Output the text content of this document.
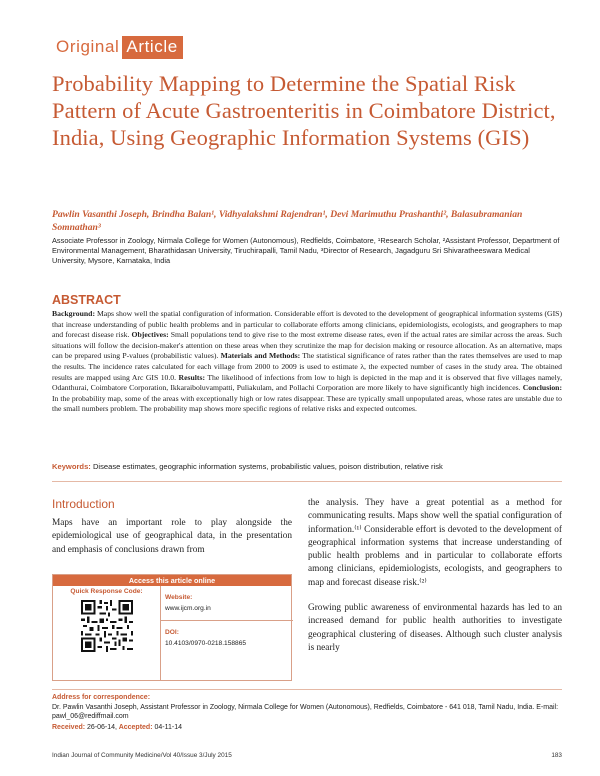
Original Article
Probability Mapping to Determine the Spatial Risk Pattern of Acute Gastroenteritis in Coimbatore District, India, Using Geographic Information Systems (GIS)
Pawlin Vasanthi Joseph, Brindha Balan¹, Vidhyalakshmi Rajendran¹, Devi Marimuthu Prashanthi², Balasubramanian Somnathan³
Associate Professor in Zoology, Nirmala College for Women (Autonomous), Redfields, Coimbatore, ¹Research Scholar, ²Assistant Professor, Department of Environmental Management, Bharathidasan University, Tiruchirapalli, Tamil Nadu, ³Director of Research, Jagadguru Sri Shivaratheeswara Medical University, Mysore, Karnataka, India
ABSTRACT
Background: Maps show well the spatial configuration of information. Considerable effort is devoted to the development of geographical information systems (GIS) that increase understanding of public health problems and in particular to collaborate efforts among clinicians, epidemiologists, ecologists, and geographers to map and forecast disease risk. Objectives: Small populations tend to give rise to the most extreme disease rates, even if the actual rates are similar across the areas. Such situations will follow the decision-maker's attention on these areas when they scrutinize the map for decision making or resource allocation. As an alternative, maps can be prepared using P-values (probabilistic values). Materials and Methods: The statistical significance of rates rather than the rates themselves are used to map the results. The incidence rates calculated for each village from 2000 to 2009 is used to estimate λ, the expected number of cases in the study area. The obtained results are mapped using Arc GIS 10.0. Results: The likelihood of infections from low to high is depicted in the map and it is observed that five villages namely, Odanthurai, Coimbatore Corporation, Ikkaraiboluvampatti, Puliakulam, and Pollachi Corporation are more likely to have significantly high incidences. Conclusion: In the probability map, some of the areas with exceptionally high or low rates disappear. These are typically small unpopulated areas, whose rates are unstable due to the small numbers problem. The probability map shows more specific regions of relative risks and expected outcomes.
Keywords: Disease estimates, geographic information systems, probabilistic values, poison distribution, relative risk
Introduction
Maps have an important role to play alongside the epidemiological use of geographical data, in the presentation and emphasis of conclusions drawn from
Access this article online
Quick Response Code:
Website:
www.ijcm.org.in
DOI:
10.4103/0970-0218.158865

the analysis. They have a great potential as a method for communicating results. Maps show well the spatial configuration of information.⁽¹⁾ Considerable effort is devoted to the development of geographical information systems that increase understanding of public health problems and in particular to collaborate efforts among clinicians, epidemiologists, ecologists, and geographers to map and forecast disease risk.⁽²⁾

Growing public awareness of environmental hazards has led to an increased demand for public health authorities to investigate geographical clustering of diseases. Although such cluster analysis is nearly

Address for correspondence:
Dr. Pawlin Vasanthi Joseph, Assistant Professor in Zoology, Nirmala College for Women (Autonomous), Redfields, Coimbatore - 641 018, Tamil Nadu, India. E-mail: pawl_06@rediffmail.com
Received: 26-06-14, Accepted: 04-11-14
Indian Journal of Community Medicine/Vol 40/Issue 3/July 2015	183
